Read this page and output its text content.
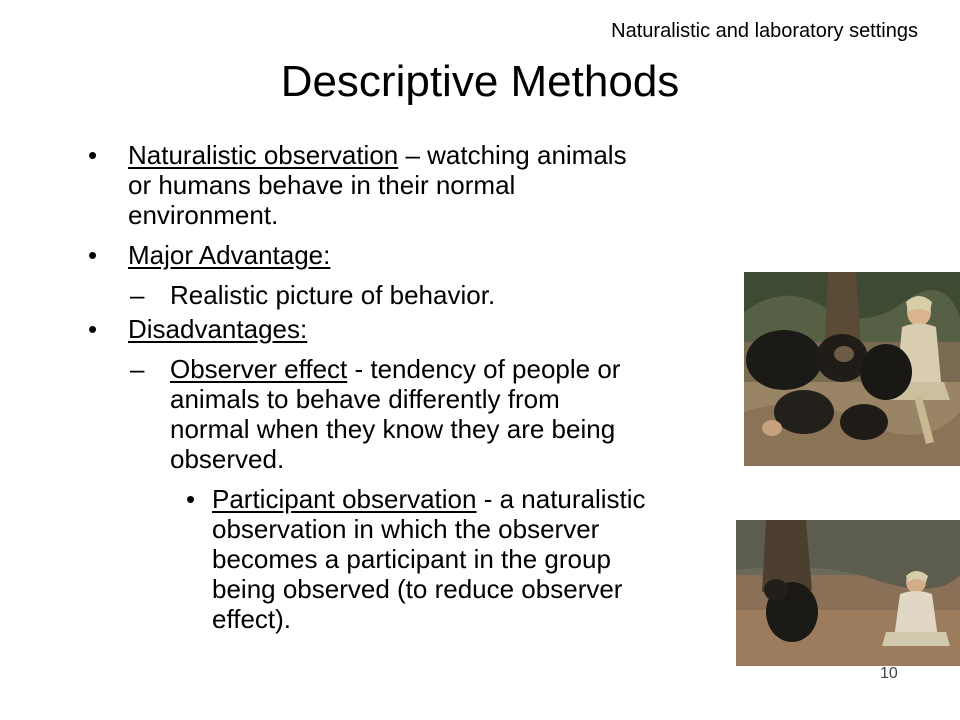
Naturalistic and laboratory settings
Descriptive Methods
• Naturalistic observation – watching animals
or humans behave in their normal
environment.
• Major Advantage:
– Realistic picture of behavior.
• Disadvantages:
– Observer effect - tendency of people or
animals to behave differently from
normal when they know they are being
observed.
• Participant observation - a naturalistic
observation in which the observer
becomes a participant in the group
being observed (to reduce observer
effect).
10
